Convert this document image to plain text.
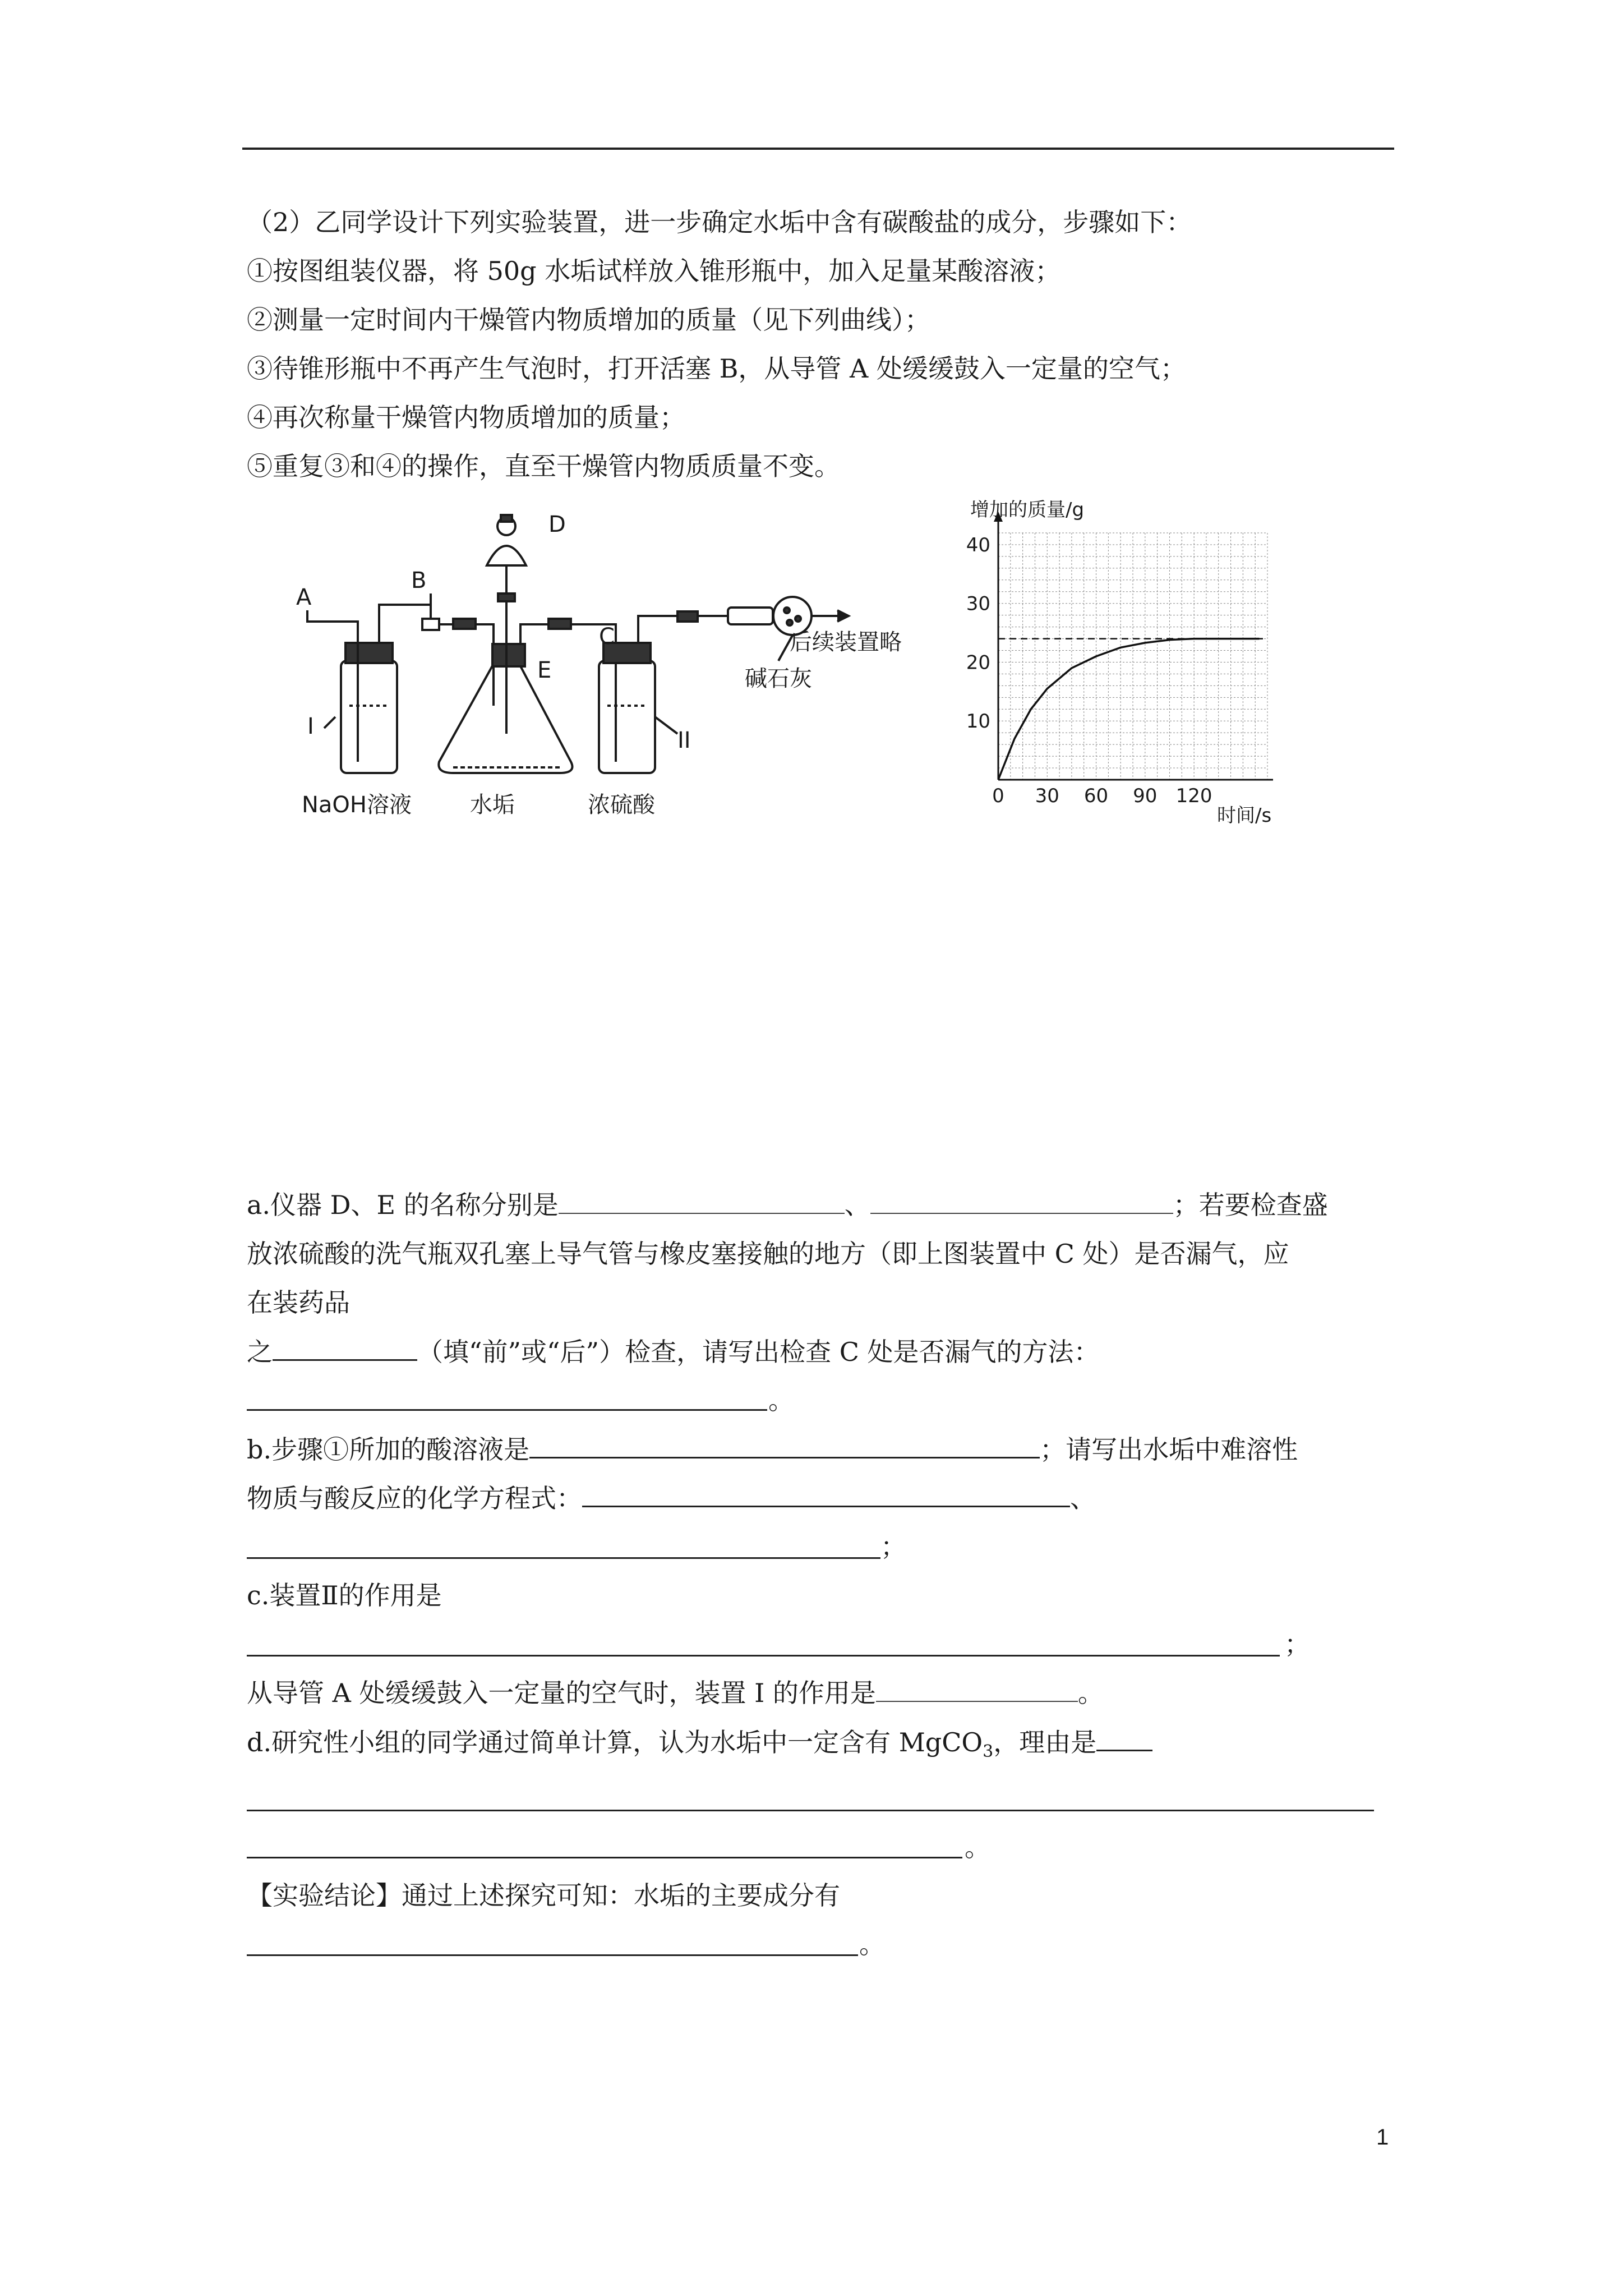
（2）乙同学设计下列实验装置，进一步确定水垢中含有碳酸盐的成分，步骤如下：
①按图组装仪器，将 50g 水垢试样放入锥形瓶中，加入足量某酸溶液；
②测量一定时间内干燥管内物质增加的质量（见下列曲线）；
③待锥形瓶中不再产生气泡时，打开活塞 B，从导管 A 处缓缓鼓入一定量的空气；
④再次称量干燥管内物质增加的质量；
⑤重复③和④的操作，直至干燥管内物质质量不变。
A
B
C
D
E
I
II
NaOH溶液	水垢	浓硫酸
碱石灰
后续装置略
0 30 60 90 120
10
20
30
40
增加的质量/g
时间/s
a.仪器 D、E 的名称分别是	、	；若要检查盛
放浓硫酸的洗气瓶双孔塞上导气管与橡皮塞接触的地方（即上图装置中 C 处）是否漏气，应
在装药品
之	（填“前”或“后”）检查，请写出检查 C 处是否漏气的方法：
。
b.步骤①所加的酸溶液是	；请写出水垢中难溶性
物质与酸反应的化学方程式：	、
；
c.装置Ⅱ的作用是
；
从导管 A 处缓缓鼓入一定量的空气时，装置 I 的作用是	。
d.研究性小组的同学通过简单计算，认为水垢中一定含有 MgCO$_3$，理由是
。
【实验结论】通过上述探究可知：水垢的主要成分有
。
1
